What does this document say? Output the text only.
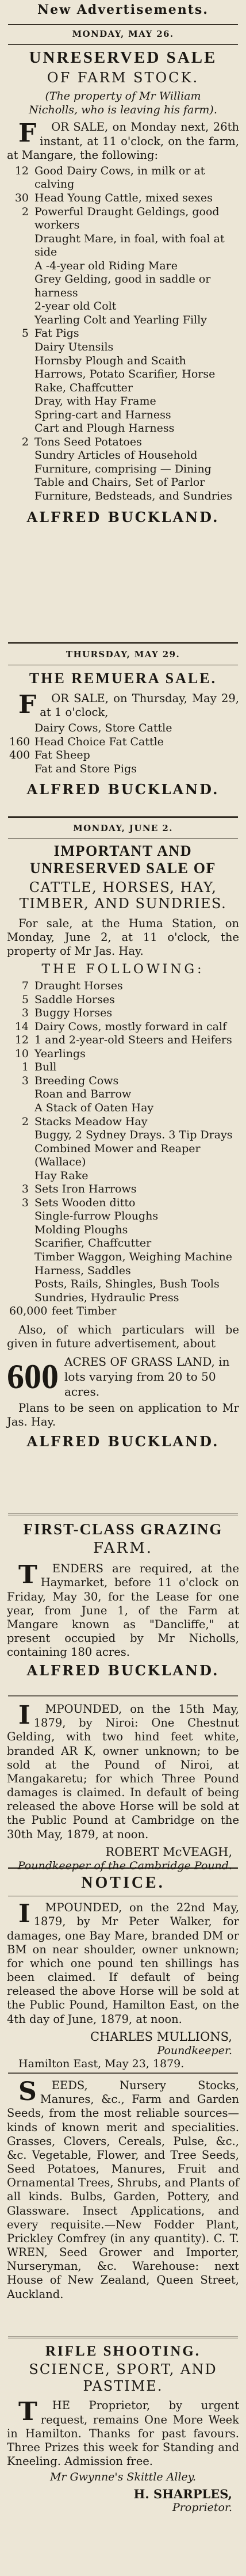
New Advertisements.
MONDAY, MAY 26.
UNRESERVED SALE
OF FARM STOCK.
(The property of Mr William Nicholls, who is leaving his farm).
FOR SALE, on Monday next, 26th instant, at 11 o'clock, on the farm, at Mangare, the following:
12 Good Dairy Cows, in milk or at calving
30 Head Young Cattle, mixed sexes
2 Powerful Draught Geldings, good workers
Draught Mare, in foal, with foal at side
A -4-year old Riding Mare
Grey Gelding, good in saddle or harness
2-year old Colt
Yearling Colt and Yearling Filly
5 Fat Pigs
Dairy Utensils
Hornsby Plough and Scaith Harrows, Potato Scarifier, Horse Rake, Chaffcutter
Dray, with Hay Frame
Spring-cart and Harness
Cart and Plough Harness
2 Tons Seed Potatoes
Sundry Articles of Household Furniture, comprising — Dining Table and Chairs, Set of Parlor Furniture, Bedsteads, and Sundries
ALFRED BUCKLAND.
THURSDAY, MAY 29.
THE REMUERA SALE.
FOR SALE, on Thursday, May 29, at 1 o'clock,
Dairy Cows, Store Cattle
160 Head Choice Fat Cattle
400 Fat Sheep
Fat and Store Pigs
ALFRED BUCKLAND.
MONDAY, JUNE 2.
IMPORTANT AND UNRESERVED SALE OF
CATTLE, HORSES, HAY, TIMBER, AND SUNDRIES.
For sale, at the Huma Station, on Monday, June 2, at 11 o'clock, the property of Mr Jas. Hay.
THE FOLLOWING:
7 Draught Horses
5 Saddle Horses
3 Buggy Horses
14 Dairy Cows, mostly forward in calf
12 1 and 2-year-old Steers and Heifers
10 Yearlings
1 Bull
3 Breeding Cows
Roan and Barrow
A Stack of Oaten Hay
2 Stacks Meadow Hay
Buggy, 2 Sydney Drays. 3 Tip Drays
Combined Mower and Reaper (Wallace)
Hay Rake
3 Sets Iron Harrows
3 Sets Wooden ditto
Single-furrow Ploughs
Molding Ploughs
Scarifier, Chaffcutter
Timber Waggon, Weighing Machine
Harness, Saddles
Posts, Rails, Shingles, Bush Tools
Sundries, Hydraulic Press
60,000 feet Timber
Also, of which particulars will be given in future advertisement, about
600 ACRES OF GRASS LAND, in lots varying from 20 to 50 acres.
Plans to be seen on application to Mr Jas. Hay.
ALFRED BUCKLAND.
FIRST-CLASS GRAZING
FARM.
TENDERS are required, at the Haymarket, before 11 o'clock on Friday, May 30, for the Lease for one year, from June 1, of the Farm at Mangare known as "Dancliffe," at present occupied by Mr Nicholls, containing 180 acres.
ALFRED BUCKLAND.
IMPOUNDED, on the 15th May, 1879, by Niroi: One Chestnut Gelding, with two hind feet white, branded AR K, owner unknown; to be sold at the Pound of Niroi, at Mangakaretu; for which Three Pound damages is claimed. In default of being released the above Horse will be sold at the Public Pound at Cambridge on the 30th May, 1879, at noon.
ROBERT McVEAGH,
Poundkeeper of the Cambridge Pound.
NOTICE.
IMPOUNDED, on the 22nd May, 1879, by Mr Peter Walker, for damages, one Bay Mare, branded DM or BM on near shoulder, owner unknown; for which one pound ten shillings has been claimed. If default of being released the above Horse will be sold at the Public Pound, Hamilton East, on the 4th day of June, 1879, at noon.
CHARLES MULLIONS,
Poundkeeper.
Hamilton East, May 23, 1879.
SEEDS, Nursery Stocks, Manures, &c., Farm and Garden Seeds, from the most reliable sources—kinds of known merit and specialities. Grasses, Clovers, Cereals, Pulse, &c., &c. Vegetable, Flower, and Tree Seeds, Seed Potatoes, Manures, Fruit and Ornamental Trees, Shrubs, and Plants of all kinds. Bulbs, Garden, Pottery, and Glassware. Insect Applications, and every requisite.—New Fodder Plant, Prickley Comfrey (in any quantity). C. T. WREN, Seed Grower and Importer, Nurseryman, &c. Warehouse: next House of New Zealand, Queen Street, Auckland.
RIFLE SHOOTING.
SCIENCE, SPORT, AND PASTIME.
THE Proprietor, by urgent request, remains One More Week in Hamilton. Thanks for past favours. Three Prizes this week for Standing and Kneeling. Admission free.
Mr Gwynne's Skittle Alley.
H. SHARPLES,
Proprietor.
